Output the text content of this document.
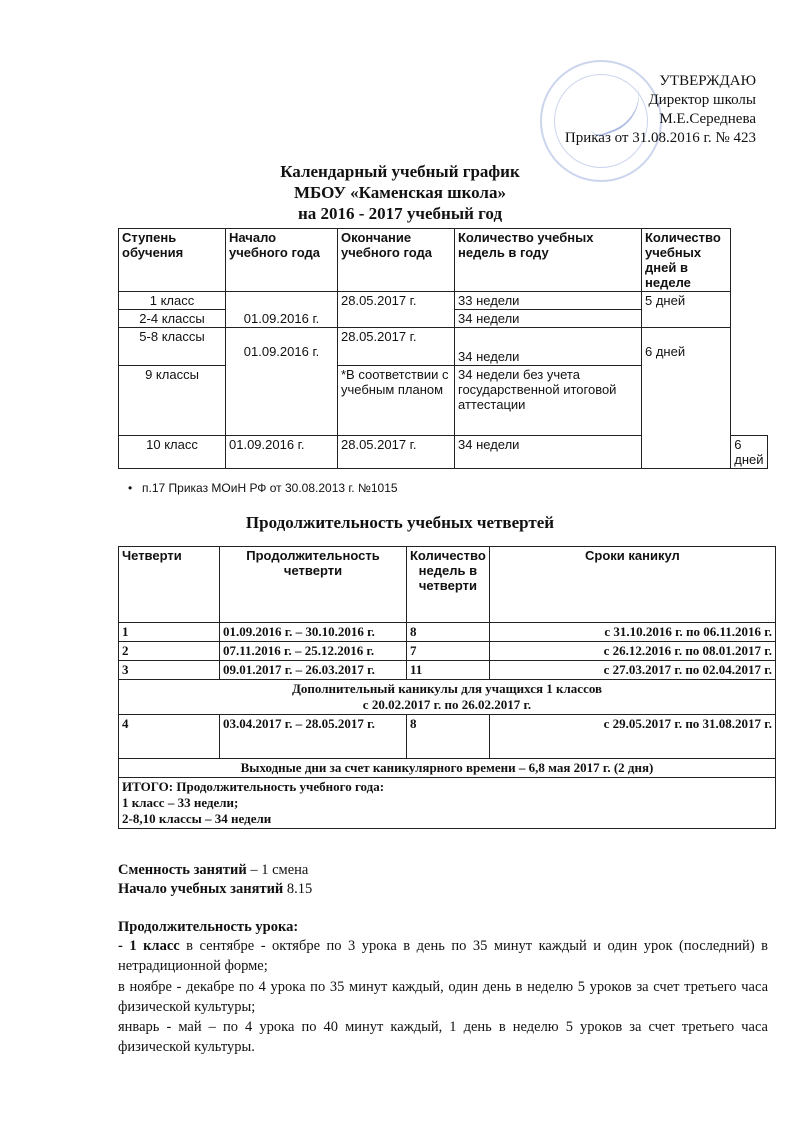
УТВЕРЖДАЮ
Директор школы
М.Е.Середнева
Приказ от 31.08.2016 г. № 423
Календарный учебный график
МБОУ «Каменская школа»
на 2016 - 2017 учебный год
Ступень обучения	Начало учебного года	Окончание учебного года	Количество учебных недель в году	Количество учебных дней в неделе	
1 класс	01.09.2016 г.	28.05.2017 г.	33 недели	5 дней	
2-4 классы			34 недели		
5-8 классы	01.09.2016 г.	28.05.2017 г.	34 недели	6 дней	
9 классы		*В соответствии с учебным планом	34 недели без учета государственной итоговой аттестации		
10 класс	01.09.2016 г.	28.05.2017 г.	34 недели		6 дней
• п.17 Приказ МОиН РФ от 30.08.2013 г. №1015
Продолжительность учебных четвертей
Четверти	Продолжительность четверти	Количество недель в четверти	Сроки каникул
1	01.09.2016 г. – 30.10.2016 г.	8	с 31.10.2016 г. по 06.11.2016 г.
2	07.11.2016 г. – 25.12.2016 г.	7	с 26.12.2016 г. по 08.01.2017 г.
3	09.01.2017 г. – 26.03.2017 г.	11	с 27.03.2017 г. по 02.04.2017 г.

Дополнительный каникулы для учащихся 1 классов
с 20.02.2017 г. по 26.02.2017 г.			

4	03.04.2017 г. – 28.05.2017 г.	8	с 29.05.2017 г. по 31.08.2017 г.
Выходные дни за счет каникулярного времени – 6,8 мая 2017 г. (2 дня)			

ИТОГО: Продолжительность учебного года:
1 класс – 33 недели;
2-8,10 классы – 34 недели			
Сменность занятий – 1 смена
Начало учебных занятий 8.15
Продолжительность урока:
- 1 класс в сентябре - октябре по 3 урока в день по 35 минут каждый и один урок (последний) в нетрадиционной форме;
в ноябре - декабре по 4 урока по 35 минут каждый, один день в неделю 5 уроков за счет третьего часа физической культуры;
январь - май – по 4 урока по 40 минут каждый, 1 день в неделю 5 уроков за счет третьего часа физической культуры.
